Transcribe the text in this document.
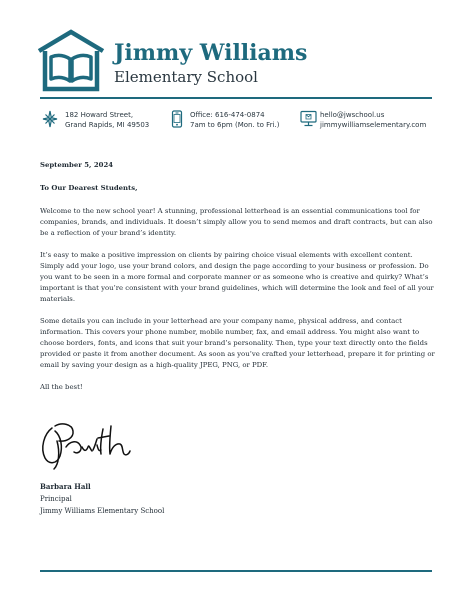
Jimmy Williams
Elementary School
182 Howard Street,
Grand Rapids, MI 49503
Office: 616-474-0874
7am to 6pm (Mon. to Fri.)
hello@jwschool.us
jimmywilliamselementary.com

September 5, 2024

To Our Dearest Students,

Welcome to the new school year! A stunning, professional letterhead is an essential communications tool for companies, brands, and individuals. It doesn’t simply allow you to send memos and draft contracts, but can also be a reflection of your brand’s identity.

It’s easy to make a positive impression on clients by pairing choice visual elements with excellent content. Simply add your logo, use your brand colors, and design the page according to your business or profession. Do you want to be seen in a more formal and corporate manner or as someone who is creative and quirky? What’s important is that you’re consistent with your brand guidelines, which will determine the look and feel of all your materials.

Some details you can include in your letterhead are your company name, physical address, and contact information. This covers your phone number, mobile number, fax, and email address. You might also want to choose borders, fonts, and icons that suit your brand’s personality. Then, type your text directly onto the fields provided or paste it from another document. As soon as you’ve crafted your letterhead, prepare it for printing or email by saving your design as a high-quality JPEG, PNG, or PDF.

All the best!

Barbara Hall
Principal
Jimmy Williams Elementary School
